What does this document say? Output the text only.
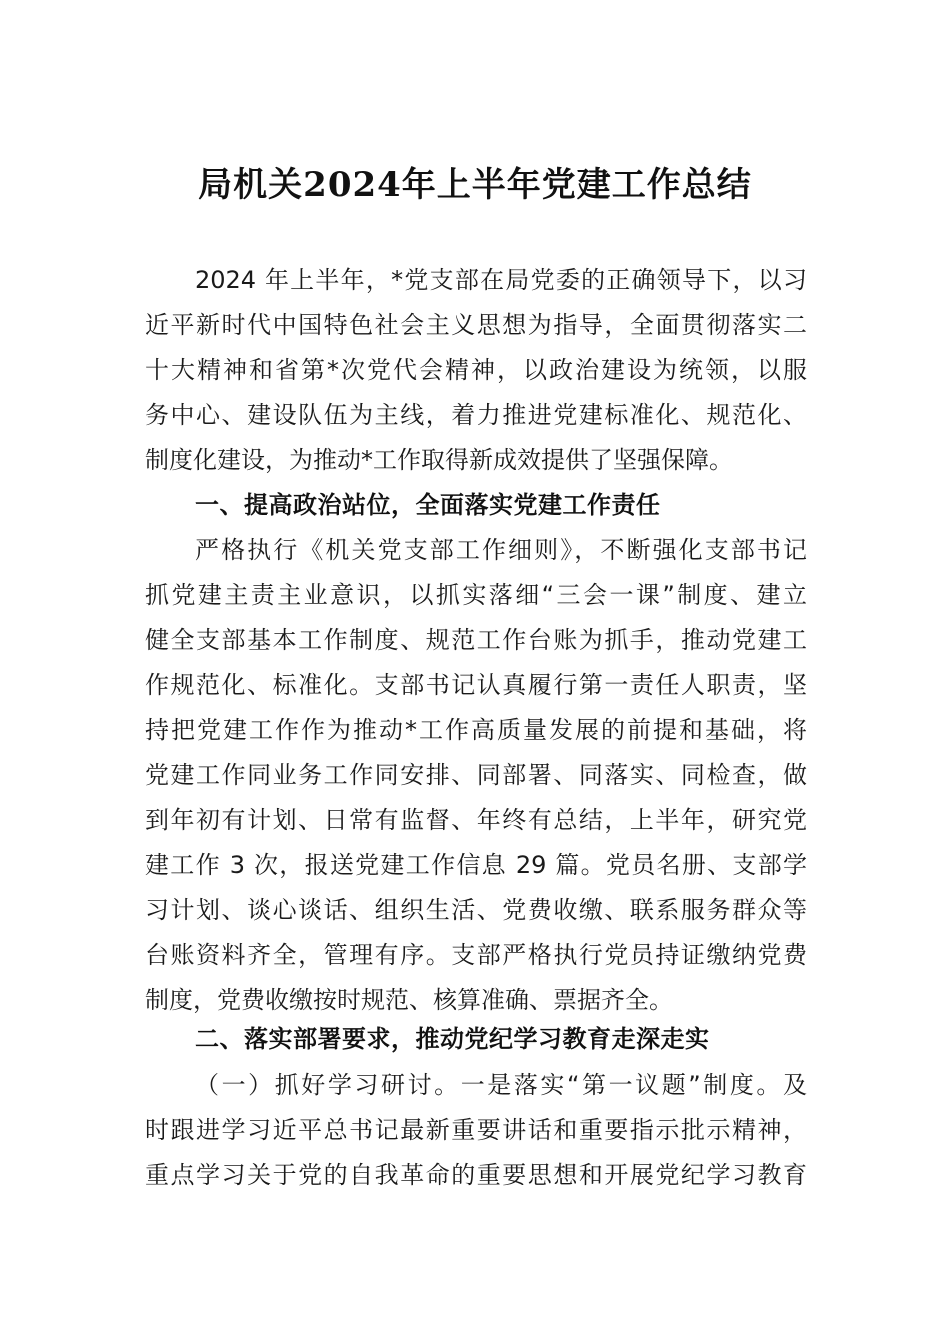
局机关2024年上半年党建工作总结
2024 年上半年，*党支部在局党委的正确领导下，以习
近平新时代中国特色社会主义思想为指导，全面贯彻落实二
十大精神和省第*次党代会精神，以政治建设为统领，以服
务中心、建设队伍为主线，着力推进党建标准化、规范化、
制度化建设，为推动*工作取得新成效提供了坚强保障。
一、提高政治站位，全面落实党建工作责任
严格执行《机关党支部工作细则》，不断强化支部书记
抓党建主责主业意识，以抓实落细“三会一课”制度、建立
健全支部基本工作制度、规范工作台账为抓手，推动党建工
作规范化、标准化。支部书记认真履行第一责任人职责，坚
持把党建工作作为推动*工作高质量发展的前提和基础，将
党建工作同业务工作同安排、同部署、同落实、同检查，做
到年初有计划、日常有监督、年终有总结，上半年，研究党
建工作 3 次，报送党建工作信息 29 篇。党员名册、支部学
习计划、谈心谈话、组织生活、党费收缴、联系服务群众等
台账资料齐全，管理有序。支部严格执行党员持证缴纳党费
制度，党费收缴按时规范、核算准确、票据齐全。
二、落实部署要求，推动党纪学习教育走深走实
（一）抓好学习研讨。一是落实“第一议题”制度。及
时跟进学习近平总书记最新重要讲话和重要指示批示精神，
重点学习关于党的自我革命的重要思想和开展党纪学习教育
